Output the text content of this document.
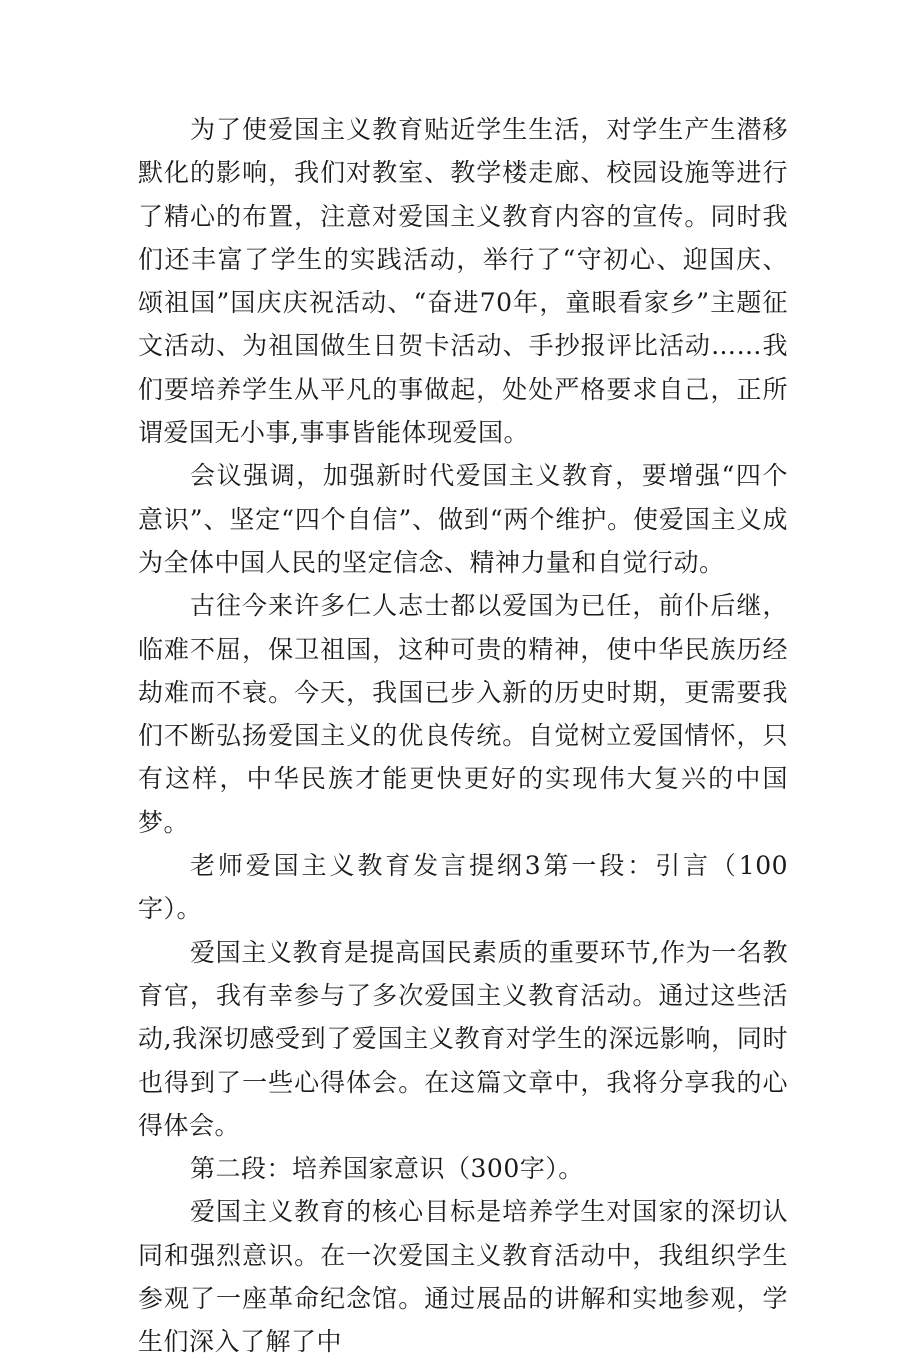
为了使爱国主义教育贴近学生生活，对学生产生潜移默化的影响，我们对教室、教学楼走廊、校园设施等进行了精心的布置，注意对爱国主义教育内容的宣传。同时我们还丰富了学生的实践活动，举行了“守初心、迎国庆、颂祖国”国庆庆祝活动、“奋进70年，童眼看家乡”主题征文活动、为祖国做生日贺卡活动、手抄报评比活动……我们要培养学生从平凡的事做起，处处严格要求自己，正所谓爱国无小事,事事皆能体现爱国。

会议强调，加强新时代爱国主义教育，要增强“四个意识”、坚定“四个自信”、做到“两个维护。使爱国主义成为全体中国人民的坚定信念、精神力量和自觉行动。

古往今来许多仁人志士都以爱国为已任，前仆后继，临难不屈，保卫祖国，这种可贵的精神，使中华民族历经劫难而不衰。今天，我国已步入新的历史时期，更需要我们不断弘扬爱国主义的优良传统。自觉树立爱国情怀，只有这样，中华民族才能更快更好的实现伟大复兴的中国梦。

老师爱国主义教育发言提纲3第一段：引言（100字）。

爱国主义教育是提高国民素质的重要环节,作为一名教育官，我有幸参与了多次爱国主义教育活动。通过这些活动,我深切感受到了爱国主义教育对学生的深远影响，同时也得到了一些心得体会。在这篇文章中，我将分享我的心得体会。

第二段：培养国家意识（300字）。

爱国主义教育的核心目标是培养学生对国家的深切认同和强烈意识。在一次爱国主义教育活动中，我组织学生参观了一座革命纪念馆。通过展品的讲解和实地参观，学生们深入了解了中
